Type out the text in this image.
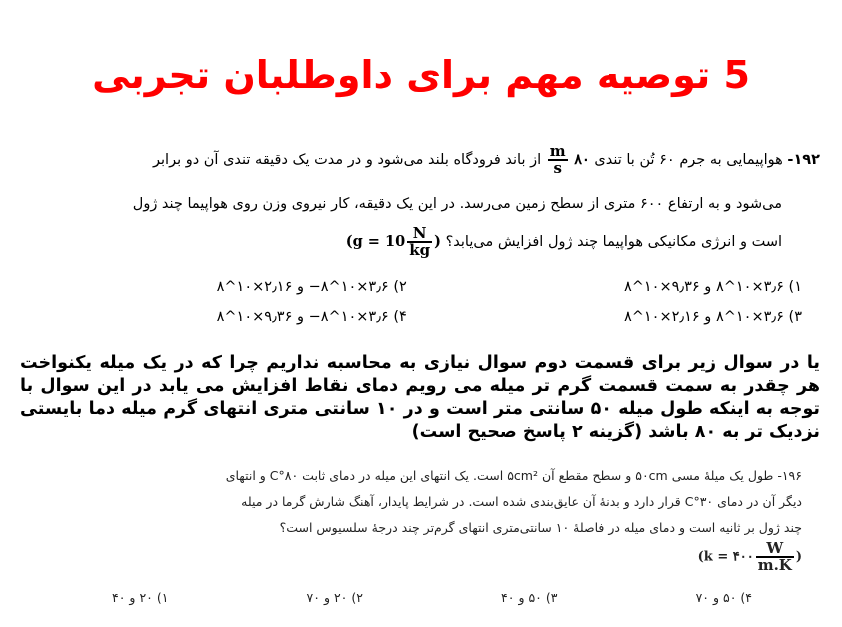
5 توصیه مهم برای داوطلبان تجربی
۱۹۲- هواپیمایی به جرم ۶۰ تُن با تندی ۸۰
$\frac{m}{s}$
از باند فرودگاه بلند می‌شود و در مدت یک دقیقه تندی آن دو برابر
می‌شود و به ارتفاع ۶۰۰ متری از سطح زمین می‌رسد. در این یک دقیقه، کار نیروی وزن روی هواپیما چند ژول
است و انرژی مکانیکی هواپیما چند ژول افزایش می‌یابد؟ ($g = 10 \frac{N}{kg}$ )
۱) ۳٫۶×۱۰^۸ و ۹٫۳۶×۱۰^۸
۲) ۳٫۶×۱۰^۸− و ۲٫۱۶×۱۰^۸
۳) ۳٫۶×۱۰^۸ و ۲٫۱۶×۱۰^۸
۴) ۳٫۶×۱۰^۸− و ۹٫۳۶×۱۰^۸
یا در سوال زیر برای قسمت دوم سوال نیازی به محاسبه نداریم چرا که در یک میله یکنواخت هر چقدر به سمت قسمت گرم تر میله می رویم دمای نقاط افزایش می یابد در این سوال با توجه به اینکه طول میله ۵۰ سانتی متر است و در ۱۰ سانتی متری انتهای گرم میله دما بایستی نزدیک تر به ۸۰ باشد (گزینه ۲ پاسخ صحیح است)
۱۹۶- طول یک میلهٔ مسی ۵۰cm و سطح مقطع آن ۵cm² است. یک انتهای این میله در دمای ثابت ۸۰°C و انتهای
دیگر آن در دمای ۳۰°C قرار دارد و بدنهٔ آن عایق‌بندی شده است. در شرایط پایدار، آهنگ شارش گرما در میله
چند ژول بر ثانیه است و دمای میله در فاصلهٔ ۱۰ سانتی‌متری انتهای گرم‌تر چند درجهٔ سلسیوس است؟
(k = ۴۰۰ $\frac{W}{m.K}$ )
۱) ۲۰ و ۴۰	۲) ۲۰ و ۷۰	۳) ۵۰ و ۴۰	۴) ۵۰ و ۷۰
